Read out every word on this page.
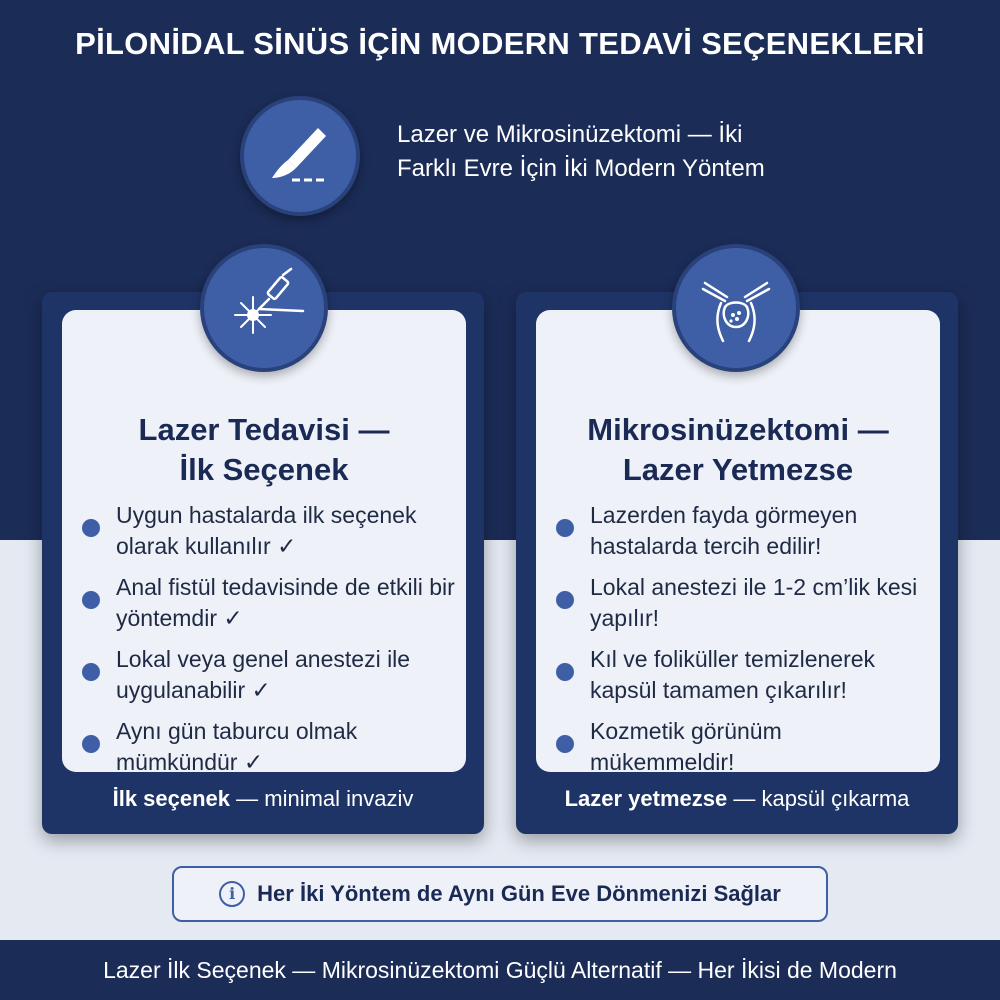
PİLONİDAL SİNÜS İÇİN MODERN TEDAVİ SEÇENEKLERİ
Lazer ve Mikrosinüzektomi — İki
Farklı Evre İçin İki Modern Yöntem
Lazer Tedavisi —
İlk Seçenek
Uygun hastalarda ilk seçenek olarak kullanılır ✓
Anal fistül tedavisinde de etkili bir yöntemdir ✓
Lokal veya genel anestezi ile uygulanabilir ✓
Aynı gün taburcu olmak mümkündür ✓
İlk seçenek — minimal invaziv
Mikrosinüzektomi —
Lazer Yetmezse
Lazerden fayda görmeyen hastalarda tercih edilir!
Lokal anestezi ile 1-2 cm’lik kesi yapılır!
Kıl ve foliküller temizlenerek kapsül tamamen çıkarılır!
Kozmetik görünüm mükemmeldir!
Lazer yetmezse — kapsül çıkarma
i Her İki Yöntem de Aynı Gün Eve Dönmenizi Sağlar
Lazer İlk Seçenek — Mikrosinüzektomi Güçlü Alternatif — Her İkisi de Modern
